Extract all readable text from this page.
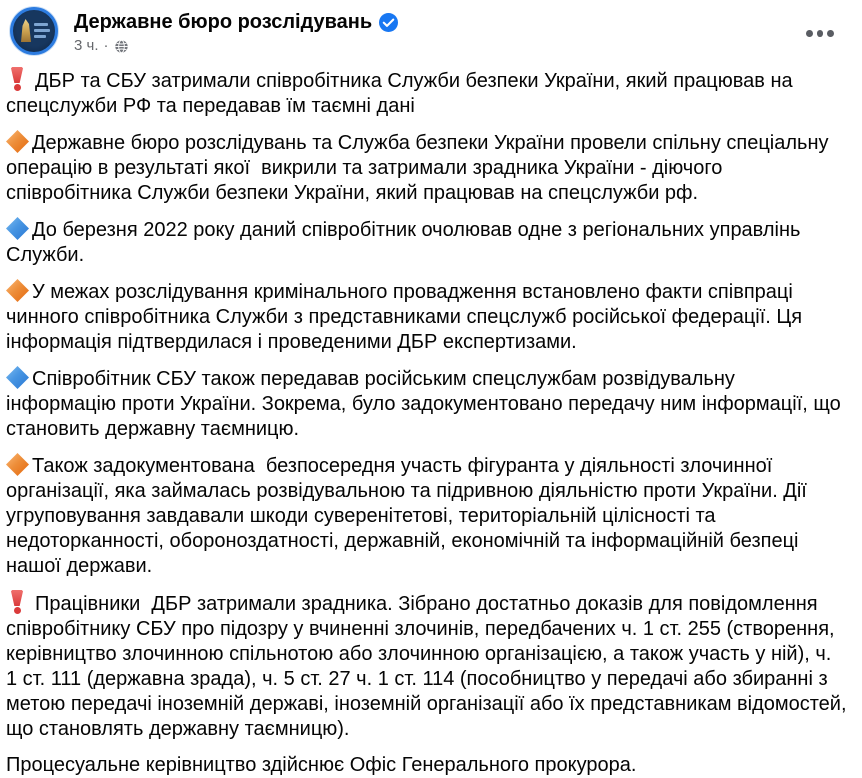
Державне бюро розслідувань
3 ч. ·

ДБР та СБУ затримали співробітника Служби безпеки України, який працював на спецслужби РФ та передавав їм таємні дані

Державне бюро розслідувань та Служба безпеки України провели спільну спеціальну операцію в результаті якої  викрили та затримали зрадника України - діючого співробітника Служби безпеки України, який працював на спецслужби рф.

До березня 2022 року даний співробітник очолював одне з регіональних управлінь Служби.

У межах розслідування кримінального провадження встановлено факти співпраці чинного співробітника Служби з представниками спецслужб російської федерації. Ця інформація підтвердилася і проведеними ДБР експертизами.

Співробітник СБУ також передавав російським спецслужбам розвідувальну інформацію проти України. Зокрема, було задокументовано передачу ним інформації, що становить державну таємницю.

Також задокументована  безпосередня участь фігуранта у діяльності злочинної організації, яка займалась розвідувальною та підривною діяльністю проти України. Дії угруповування завдавали шкоди суверенітетові, територіальній цілісності та недоторканності, обороноздатності, державній, економічній та інформаційній безпеці нашої держави.

Працівники  ДБР затримали зрадника. Зібрано достатньо доказів для повідомлення співробітнику СБУ про підозру у вчиненні злочинів, передбачених ч. 1 ст. 255 (створення, керівництво злочинною спільнотою або злочинною організацією, а також участь у ній), ч. 1 ст. 111 (державна зрада), ч. 5 ст. 27 ч. 1 ст. 114 (пособництво у передачі або збиранні з метою передачі іноземній державі, іноземній організації або їх представникам відомостей, що становлять державну таємницю).

Процесуальне керівництво здійснює Офіс Генерального прокурора.
